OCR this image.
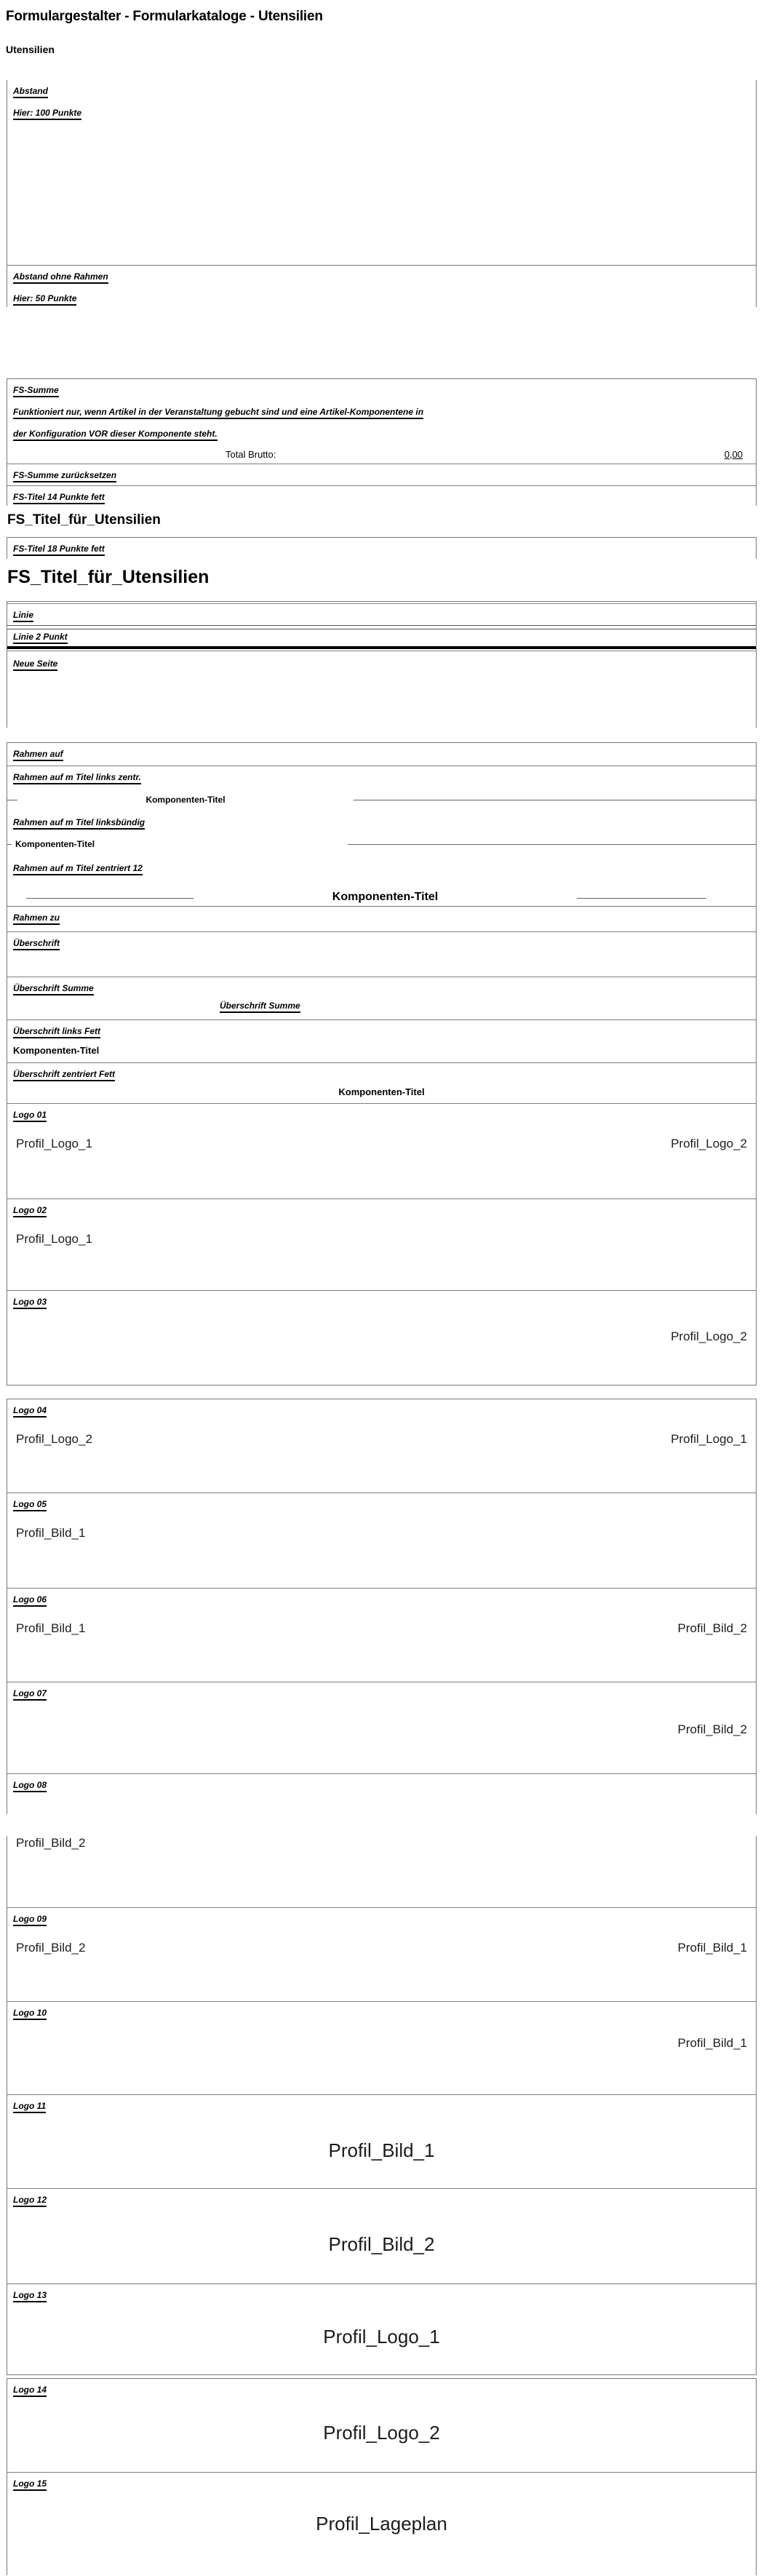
Formulargestalter - Formularkataloge - Utensilien
Utensilien
Abstand
Hier: 100 Punkte
Abstand ohne Rahmen
Hier: 50 Punkte
FS-Summe
Funktioniert nur, wenn Artikel in der Veranstaltung gebucht sind und eine Artikel-Komponentene in
der Konfiguration VOR dieser Komponente steht.
Total Brutto:	0,00
FS-Summe zurücksetzen
FS-Titel 14 Punkte fett
FS_Titel_für_Utensilien
FS-Titel 18 Punkte fett
FS_Titel_für_Utensilien
Linie
Linie 2 Punkt
Neue Seite
Rahmen auf
Rahmen auf m Titel links zentr.
Komponenten-Titel
Rahmen auf m Titel linksbündig
Komponenten-Titel
Rahmen auf m Titel zentriert 12
Komponenten-Titel
Rahmen zu
Überschrift
Überschrift Summe
Überschrift Summe
Überschrift links Fett
Komponenten-Titel
Überschrift zentriert Fett
Komponenten-Titel
Logo 01
Profil_Logo_1	Profil_Logo_2
Logo 02
Profil_Logo_1
Logo 03
Profil_Logo_2
Logo 04
Profil_Logo_2	Profil_Logo_1
Logo 05
Profil_Bild_1
Logo 06
Profil_Bild_1	Profil_Bild_2
Logo 07
Profil_Bild_2
Logo 08
Profil_Bild_2
Logo 09
Profil_Bild_2	Profil_Bild_1
Logo 10
Profil_Bild_1
Logo 11
Profil_Bild_1
Logo 12
Profil_Bild_2
Logo 13
Profil_Logo_1
Logo 14
Profil_Logo_2
Logo 15
Profil_Lageplan
